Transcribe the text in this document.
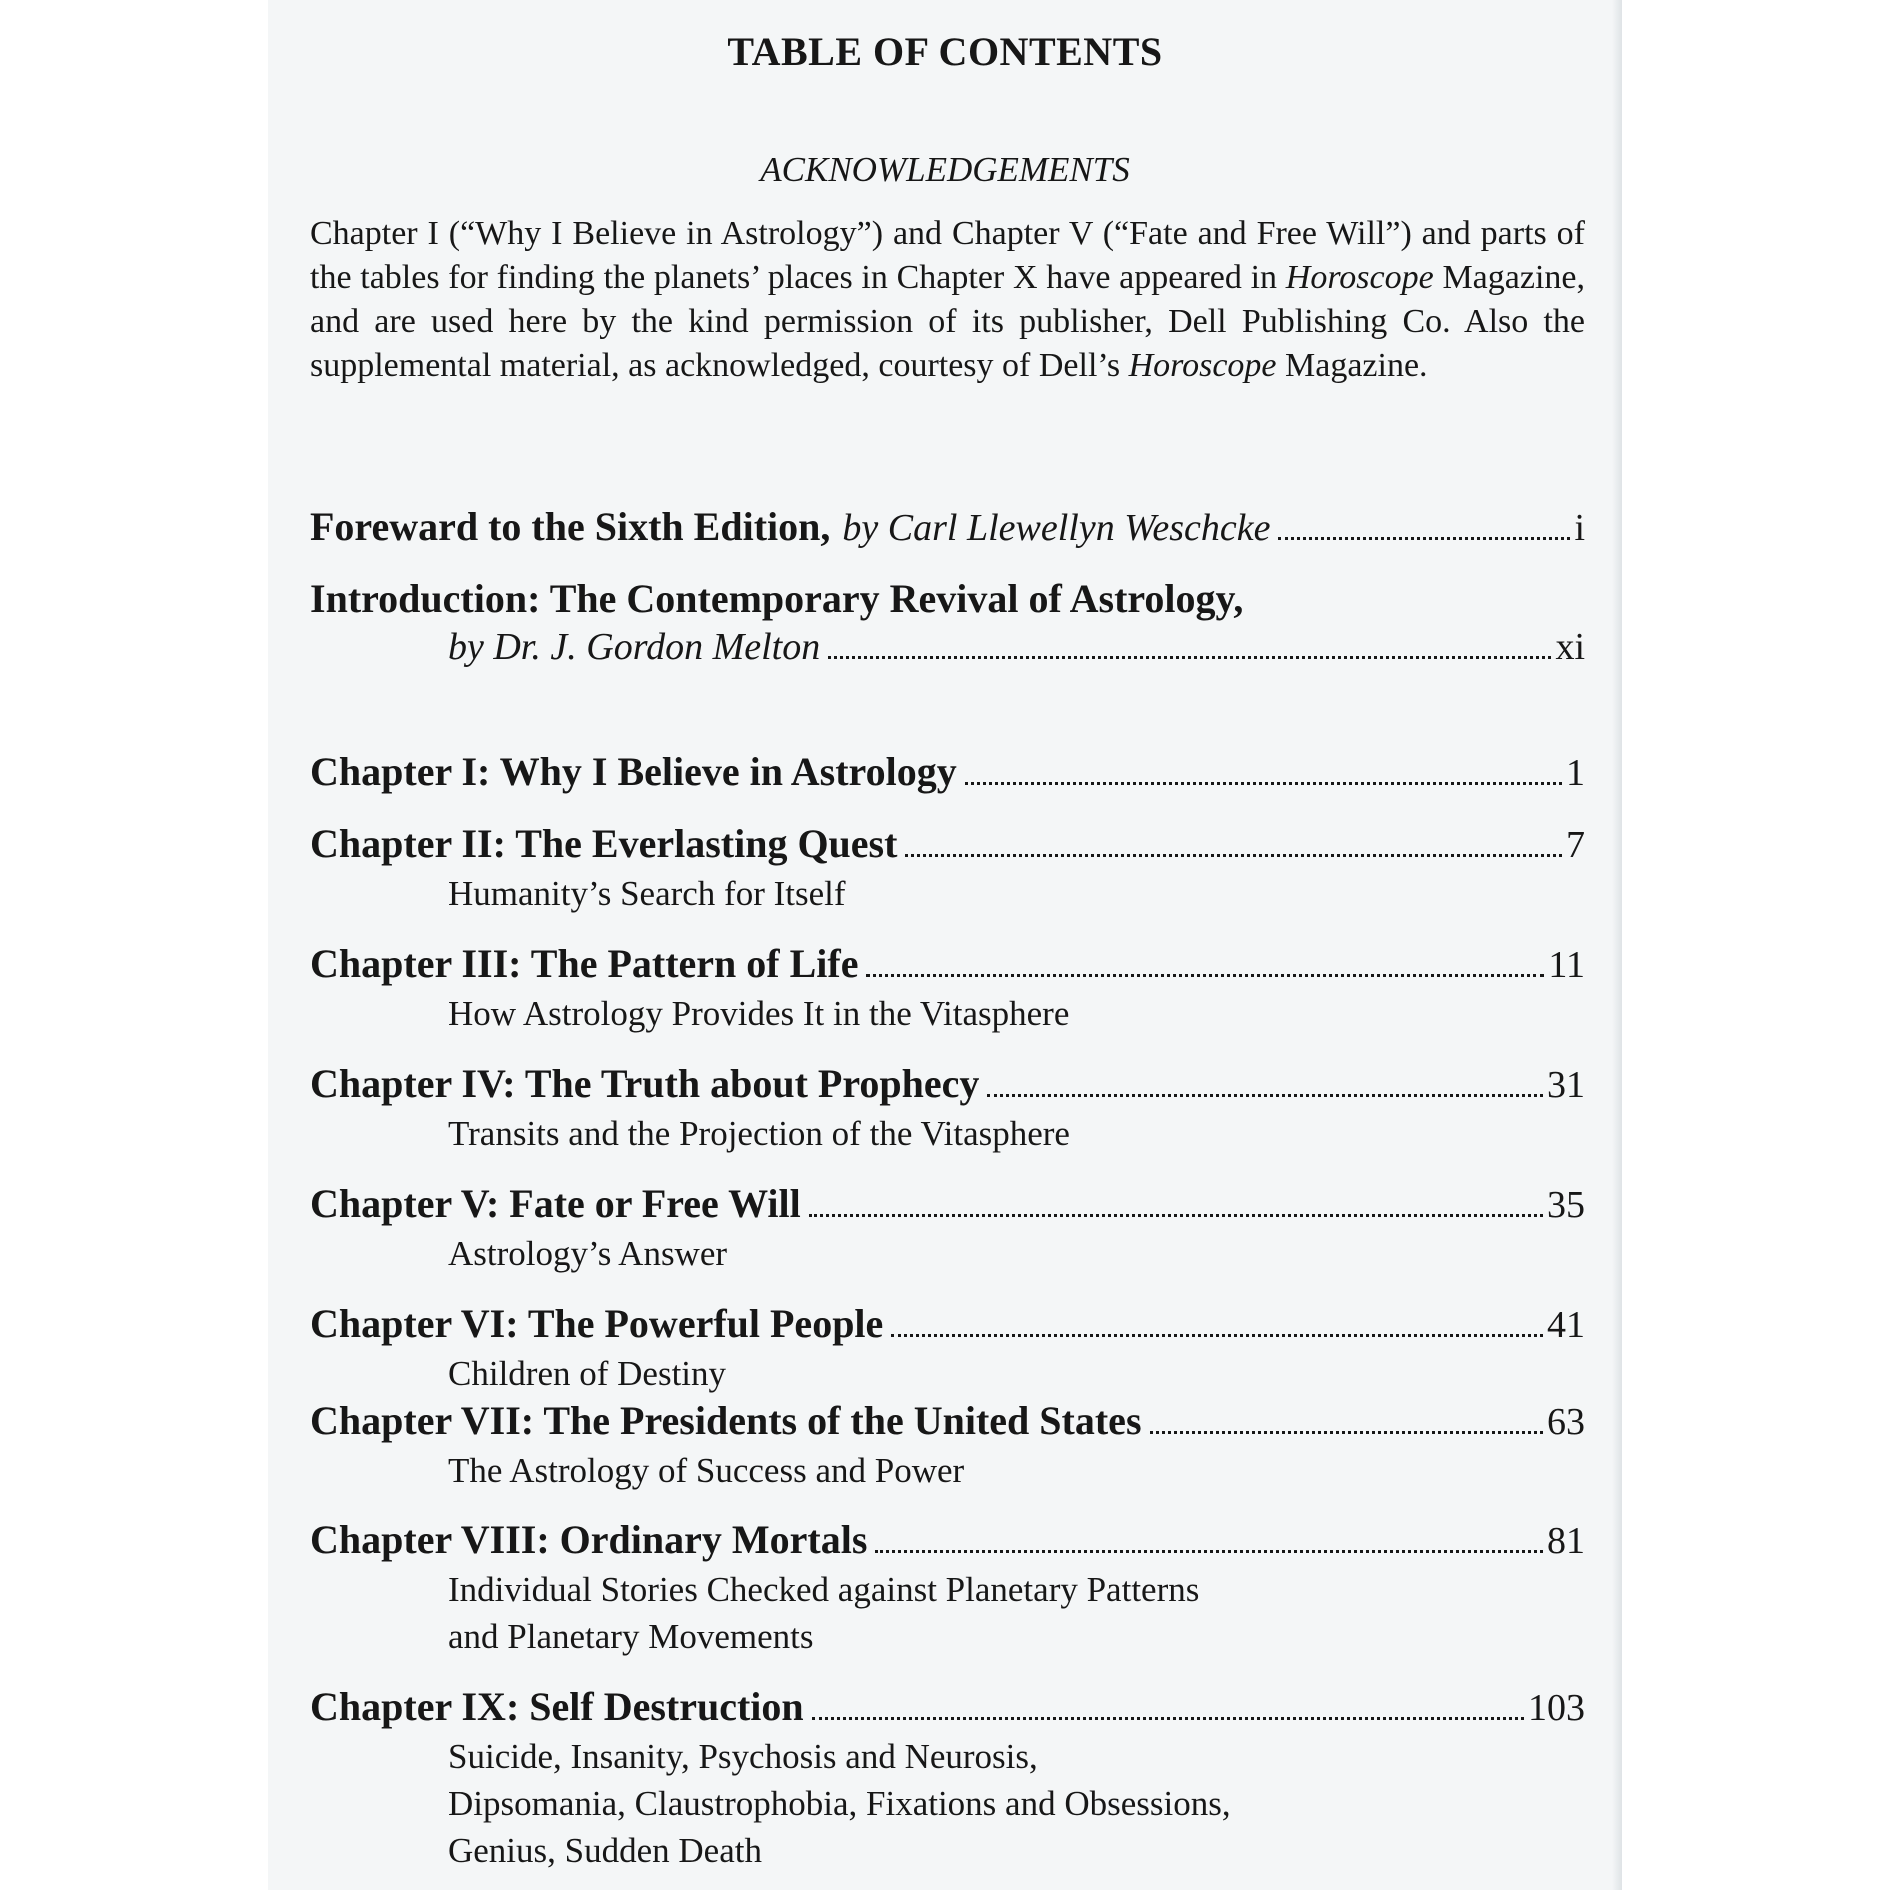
TABLE OF CONTENTS
ACKNOWLEDGEMENTS
Chapter I (“Why I Believe in Astrology”) and Chapter V (“Fate and Free Will”) and parts of the tables for finding the planets’ places in Chapter X have appeared in Horoscope Magazine, and are used here by the kind permission of its publisher, Dell Publishing Co. Also the supplemental material, as acknowledged, courtesy of Dell’s Horoscope Magazine.
Foreward to the Sixth Edition, by Carl Llewellyn Weschcke	i
Introduction: The Contemporary Revival of Astrology,
by Dr. J. Gordon Melton	xi
Chapter I: Why I Believe in Astrology	1
Chapter II: The Everlasting Quest	7
Humanity’s Search for Itself
Chapter III: The Pattern of Life	11
How Astrology Provides It in the Vitasphere
Chapter IV: The Truth about Prophecy	31
Transits and the Projection of the Vitasphere
Chapter V: Fate or Free Will	35
Astrology’s Answer
Chapter VI: The Powerful People	41
Children of Destiny
Chapter VII: The Presidents of the United States	63
The Astrology of Success and Power
Chapter VIII: Ordinary Mortals	81
Individual Stories Checked against Planetary Patterns
and Planetary Movements
Chapter IX: Self Destruction	103
Suicide, Insanity, Psychosis and Neurosis,
Dipsomania, Claustrophobia, Fixations and Obsessions,
Genius, Sudden Death
